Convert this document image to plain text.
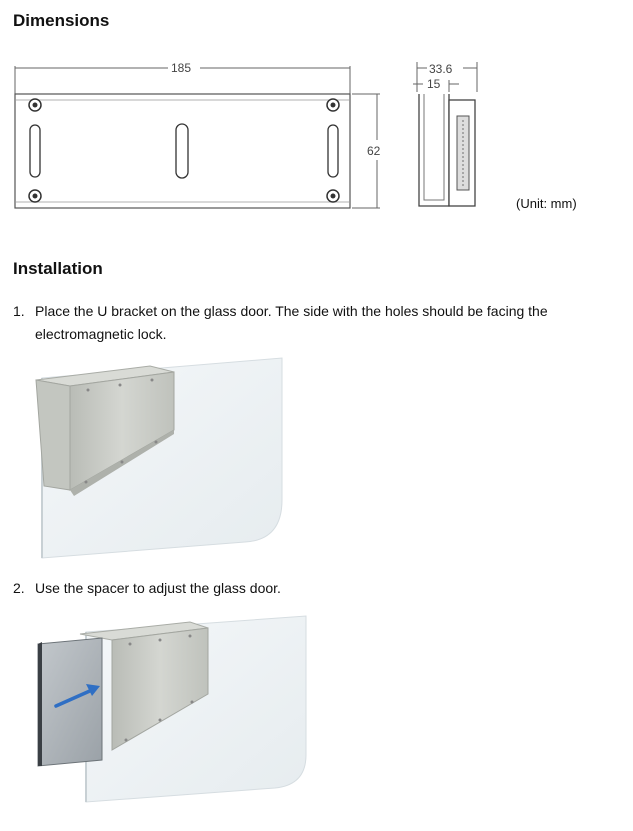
Dimensions
185
62
33.6
15
(Unit: mm)
Installation
1. Place the U bracket on the glass door. The side with the holes should be facing the electromagnetic lock.
2. Use the spacer to adjust the glass door.
